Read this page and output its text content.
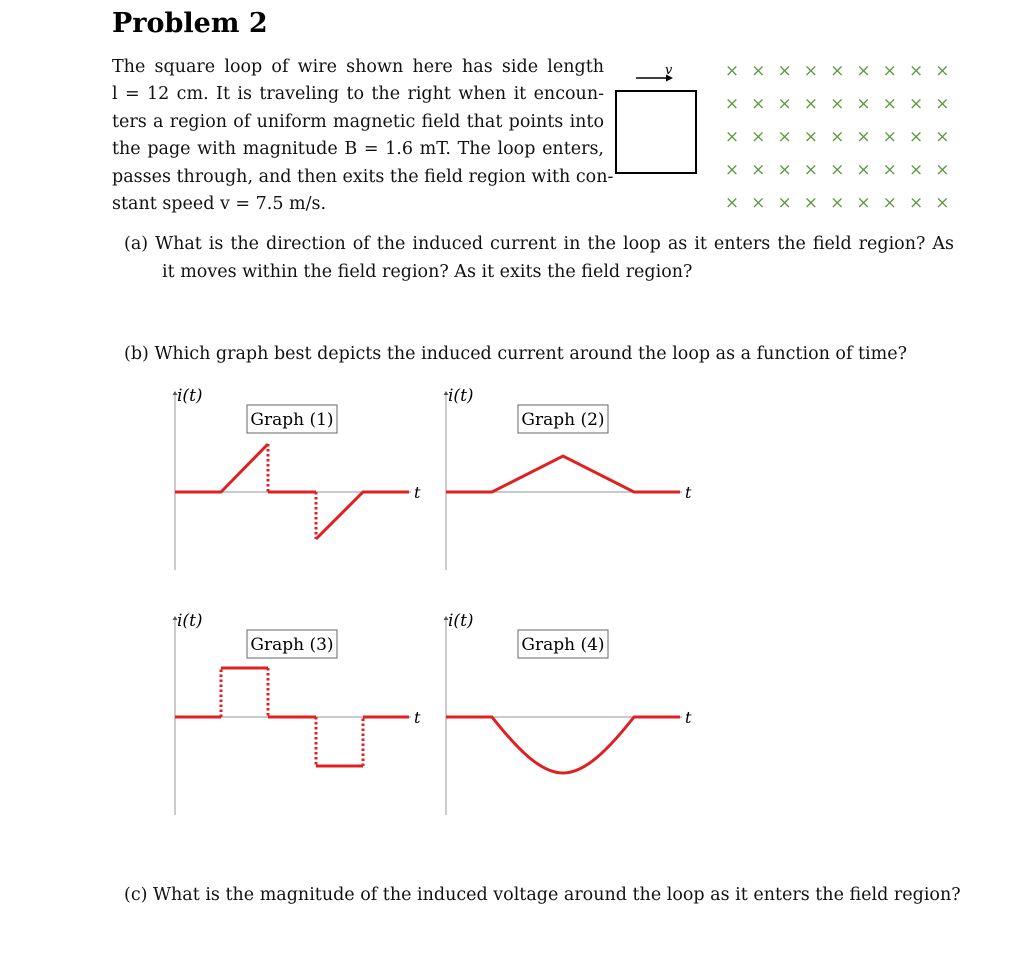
Problem 2

The square loop of wire shown here has side length
l = 12 cm. It is traveling to the right when it encoun-
ters a region of uniform magnetic field that points into
the page with magnitude B = 1.6 mT. The loop enters,
passes through, and then exits the field region with con-
stant speed v = 7.5 m/s.

v	× × × × × × × × ×
× × × × × × × × ×
× × × × × × × × ×
× × × × × × × × ×
× × × × × × × × ×

(a) What is the direction of the induced current in the loop as it enters the field region? As
it moves within the field region? As it exits the field region?

(b) Which graph best depicts the induced current around the loop as a function of time?

i(t)
t
Graph (1)
i(t)
t
Graph (2)
i(t)
t
Graph (3)
i(t)
t
Graph (4)

(c) What is the magnitude of the induced voltage around the loop as it enters the field region?
